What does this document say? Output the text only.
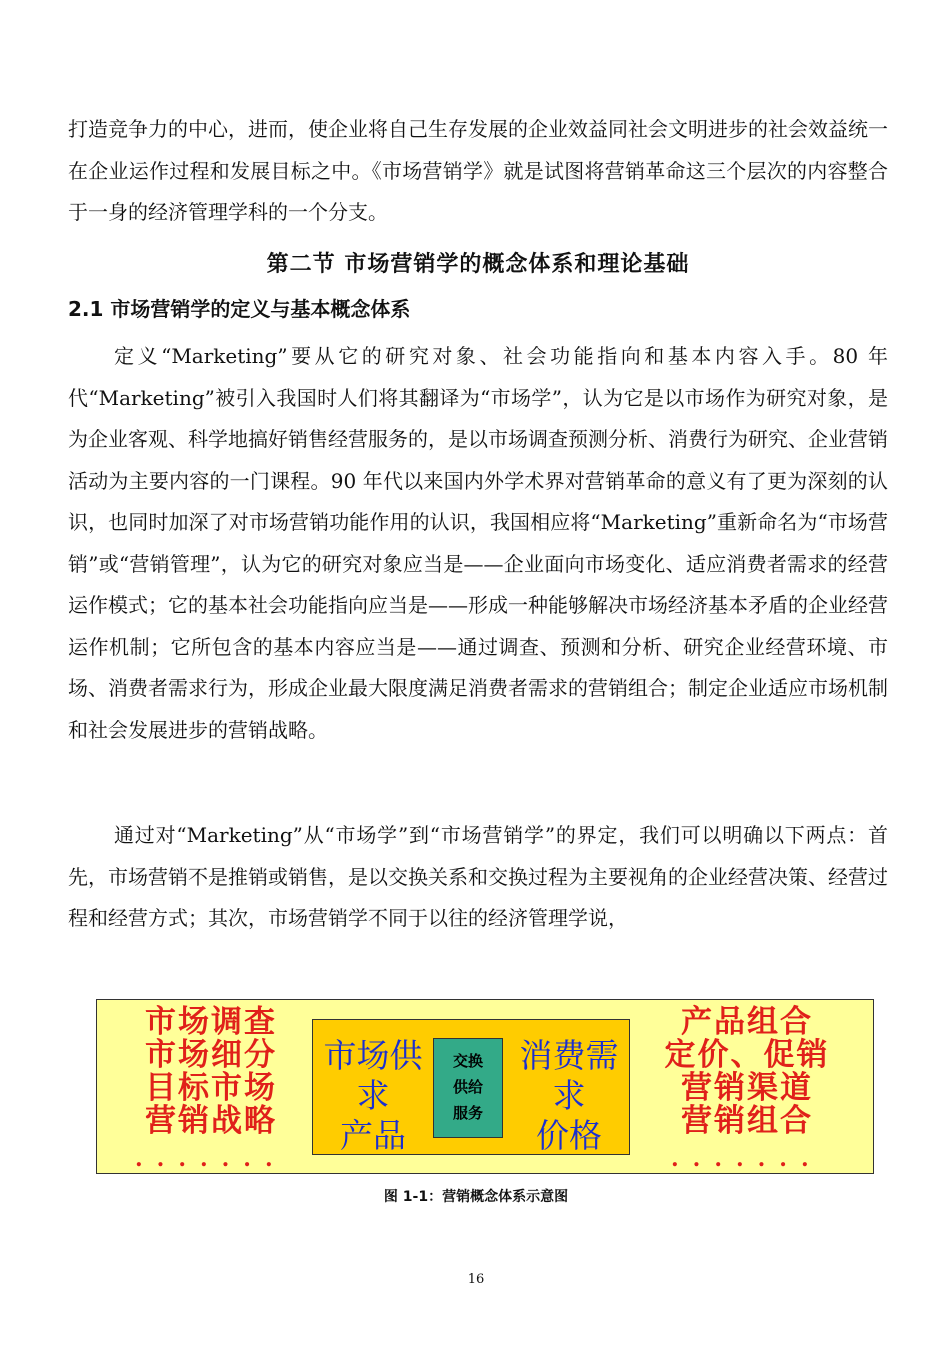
打造竞争力的中心，进而，使企业将自己生存发展的企业效益同社会文明进步的社会效益统一在企业运作过程和发展目标之中。《市场营销学》就是试图将营销革命这三个层次的内容整合于一身的经济管理学科的一个分支。
第二节 市场营销学的概念体系和理论基础
2.1 市场营销学的定义与基本概念体系
定义“Marketing”要从它的研究对象、社会功能指向和基本内容入手。80 年代“Marketing”被引入我国时人们将其翻译为“市场学”，认为它是以市场作为研究对象，是为企业客观、科学地搞好销售经营服务的，是以市场调查预测分析、消费行为研究、企业营销活动为主要内容的一门课程。90 年代以来国内外学术界对营销革命的意义有了更为深刻的认识，也同时加深了对市场营销功能作用的认识，我国相应将“Marketing”重新命名为“市场营销”或“营销管理”，认为它的研究对象应当是——企业面向市场变化、适应消费者需求的经营运作模式；它的基本社会功能指向应当是——形成一种能够解决市场经济基本矛盾的企业经营运作机制；它所包含的基本内容应当是——通过调查、预测和分析、研究企业经营环境、市场、消费者需求行为，形成企业最大限度满足消费者需求的营销组合；制定企业适应市场机制和社会发展进步的营销战略。
通过对“Marketing”从“市场学”到“市场营销学”的界定，我们可以明确以下两点：首先，市场营销不是推销或销售，是以交换关系和交换过程为主要视角的企业经营决策、经营过程和经营方式；其次，市场营销学不同于以往的经济管理学说，
市场调查
市场细分
目标市场
营销战略
.......
市场供求
产品
交换
供给
服务
消费需求
价格
产品组合
定价、促销
营销渠道
营销组合
.......
图 1-1：营销概念体系示意图
16
